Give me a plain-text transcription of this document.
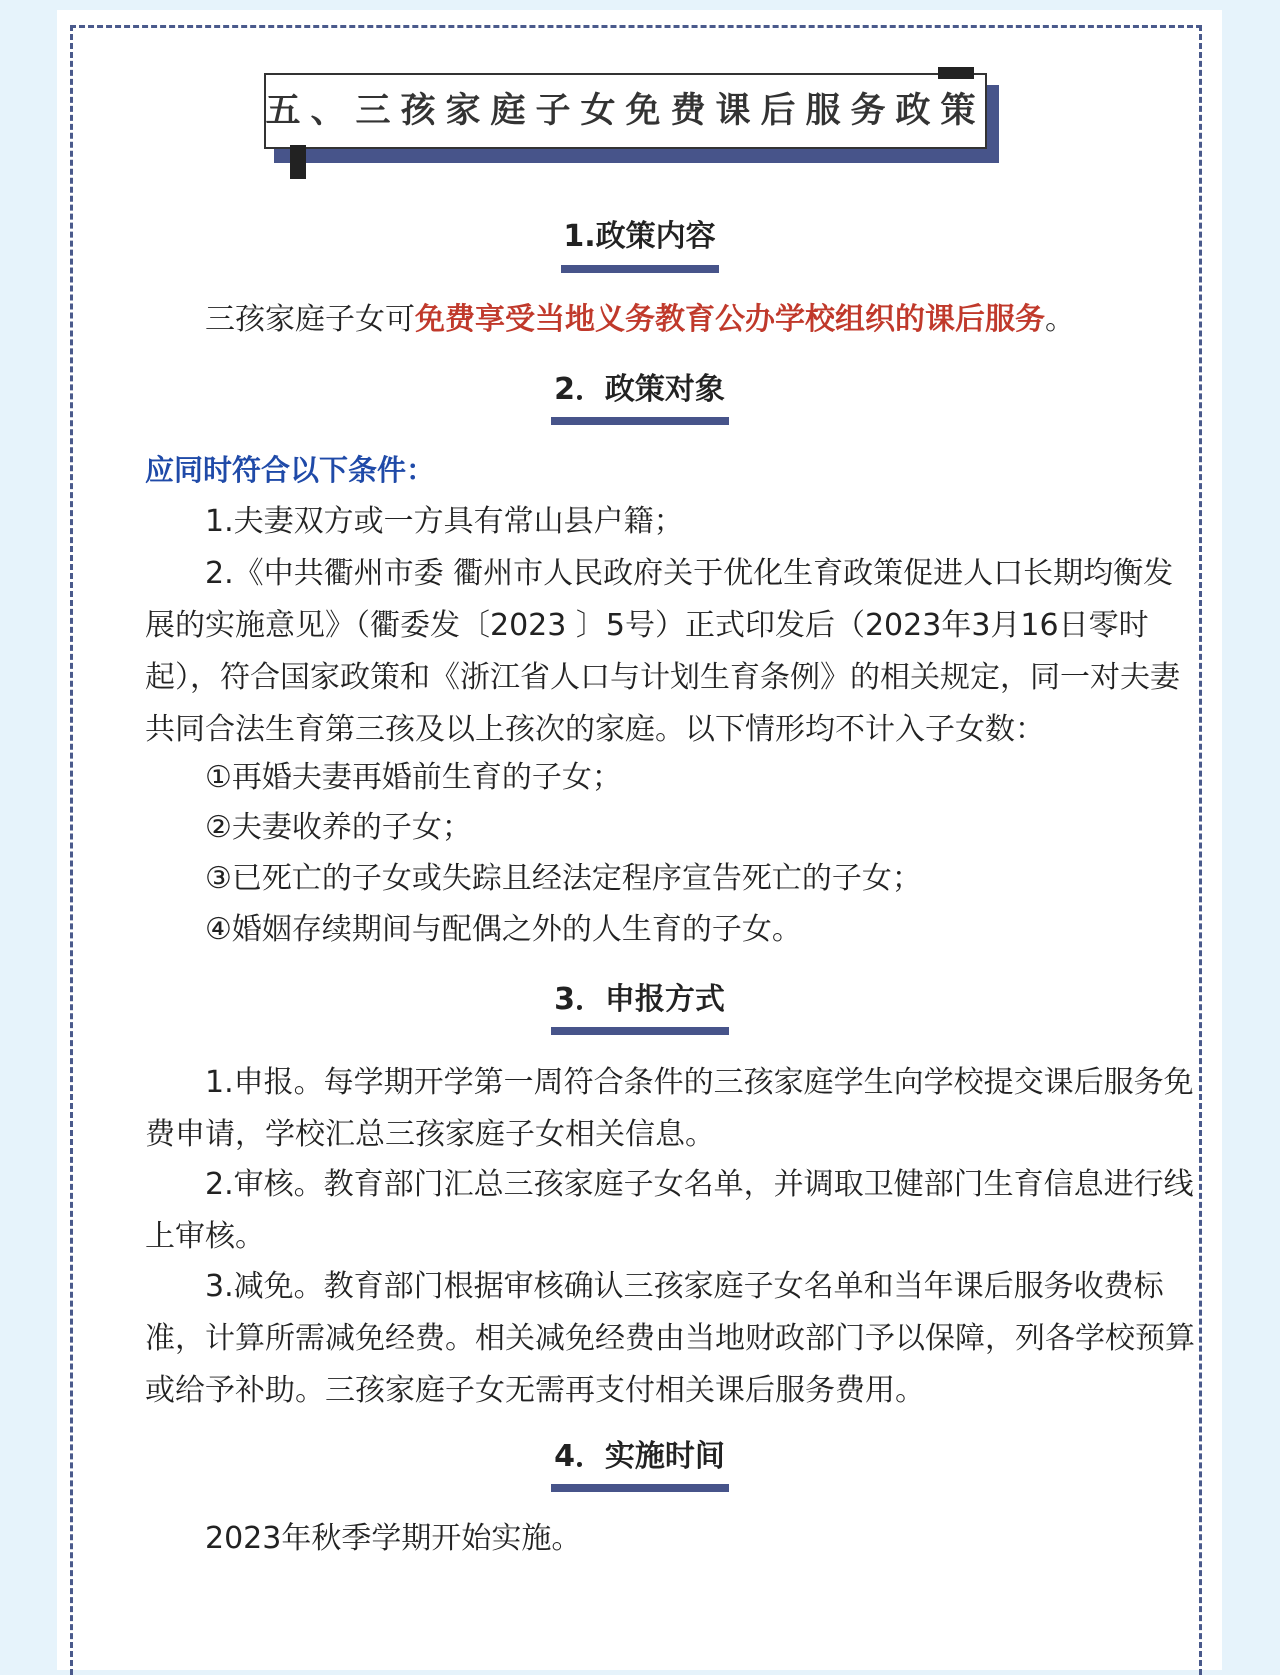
五、三孩家庭子女免费课后服务政策
1.政策内容

三孩家庭子女可免费享受当地义务教育公办学校组织的课后服务。

2．政策对象
应同时符合以下条件：

1.夫妻双方或一方具有常山县户籍；

2.《中共衢州市委 衢州市人民政府关于优化生育政策促进人口长期均衡发展的实施意见》（衢委发〔2023 〕5号）正式印发后（2023年3月16日零时起），符合国家政策和《浙江省人口与计划生育条例》的相关规定，同一对夫妻共同合法生育第三孩及以上孩次的家庭。以下情形均不计入子女数：

①再婚夫妻再婚前生育的子女；

②夫妻收养的子女；

③已死亡的子女或失踪且经法定程序宣告死亡的子女；

④婚姻存续期间与配偶之外的人生育的子女。

3．申报方式

1.申报。每学期开学第一周符合条件的三孩家庭学生向学校提交课后服务免费申请，学校汇总三孩家庭子女相关信息。

2.审核。教育部门汇总三孩家庭子女名单，并调取卫健部门生育信息进行线上审核。

3.减免。教育部门根据审核确认三孩家庭子女名单和当年课后服务收费标准，计算所需减免经费。相关减免经费由当地财政部门予以保障，列各学校预算或给予补助。三孩家庭子女无需再支付相关课后服务费用。

4．实施时间

2023年秋季学期开始实施。
